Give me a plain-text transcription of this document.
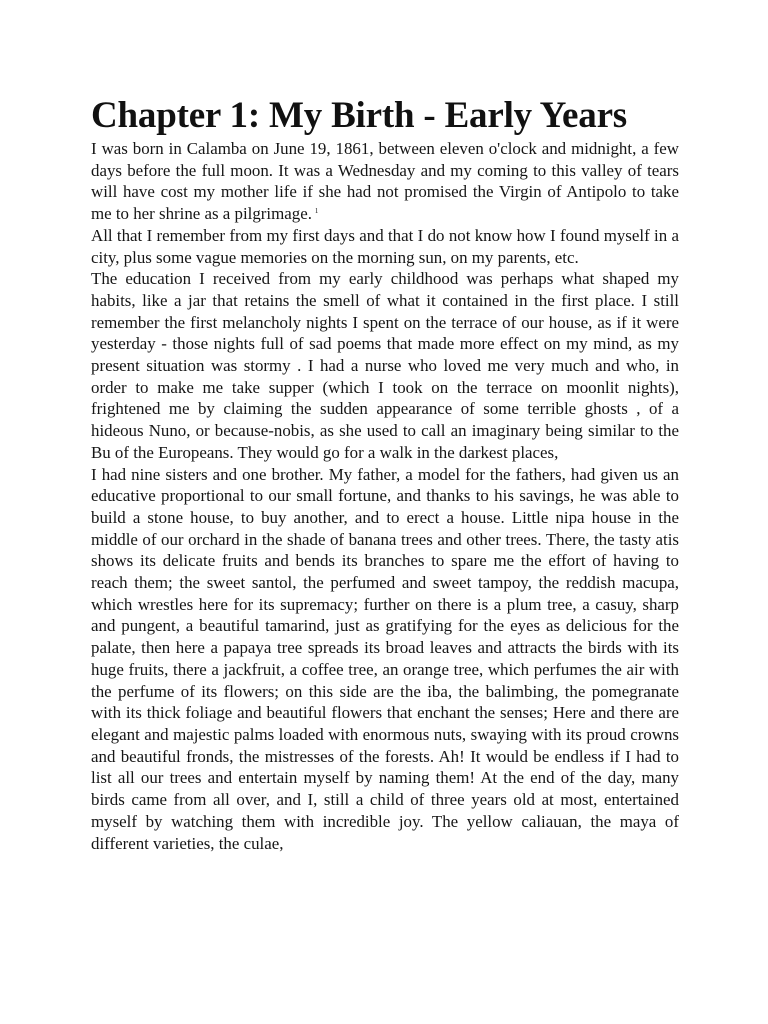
Chapter 1: My Birth - Early Years

I was born in Calamba on June 19, 1861, between eleven o'clock and midnight, a few days before the full moon. It was a Wednesday and my coming to this valley of tears will have cost my mother life if she had not promised the Virgin of Antipolo to take me to her shrine as a pilgrimage. $^1$

All that I remember from my first days and that I do not know how I found myself in a city, plus some vague memories on the morning sun, on my parents, etc.

The education I received from my early childhood was perhaps what shaped my habits, like a jar that retains the smell of what it contained in the first place. I still remember the first melancholy nights I spent on the terrace of our house, as if it were yesterday - those nights full of sad poems that made more effect on my mind, as my present situation was stormy . I had a nurse who loved me very much and who, in order to make me take supper (which I took on the terrace on moonlit nights), frightened me by claiming the sudden appearance of some terrible ghosts , of a hideous Nuno, or because-nobis, as she used to call an imaginary being similar to the Bu of the Europeans. They would go for a walk in the darkest places,

I had nine sisters and one brother. My father, a model for the fathers, had given us an educative proportional to our small fortune, and thanks to his savings, he was able to build a stone house, to buy another, and to erect a house. Little nipa house in the middle of our orchard in the shade of banana trees and other trees. There, the tasty atis shows its delicate fruits and bends its branches to spare me the effort of having to reach them; the sweet santol, the perfumed and sweet tampoy, the reddish macupa, which wrestles here for its supremacy; further on there is a plum tree, a casuy, sharp and pungent, a beautiful tamarind, just as gratifying for the eyes as delicious for the palate, then here a papaya tree spreads its broad leaves and attracts the birds with its huge fruits, there a jackfruit, a coffee tree, an orange tree, which perfumes the air with the perfume of its flowers; on this side are the iba, the balimbing, the pomegranate with its thick foliage and beautiful flowers that enchant the senses; Here and there are elegant and majestic palms loaded with enormous nuts, swaying with its proud crowns and beautiful fronds, the mistresses of the forests. Ah! It would be endless if I had to list all our trees and entertain myself by naming them! At the end of the day, many birds came from all over, and I, still a child of three years old at most, entertained myself by watching them with incredible joy. The yellow caliauan, the maya of different varieties, the culae,
